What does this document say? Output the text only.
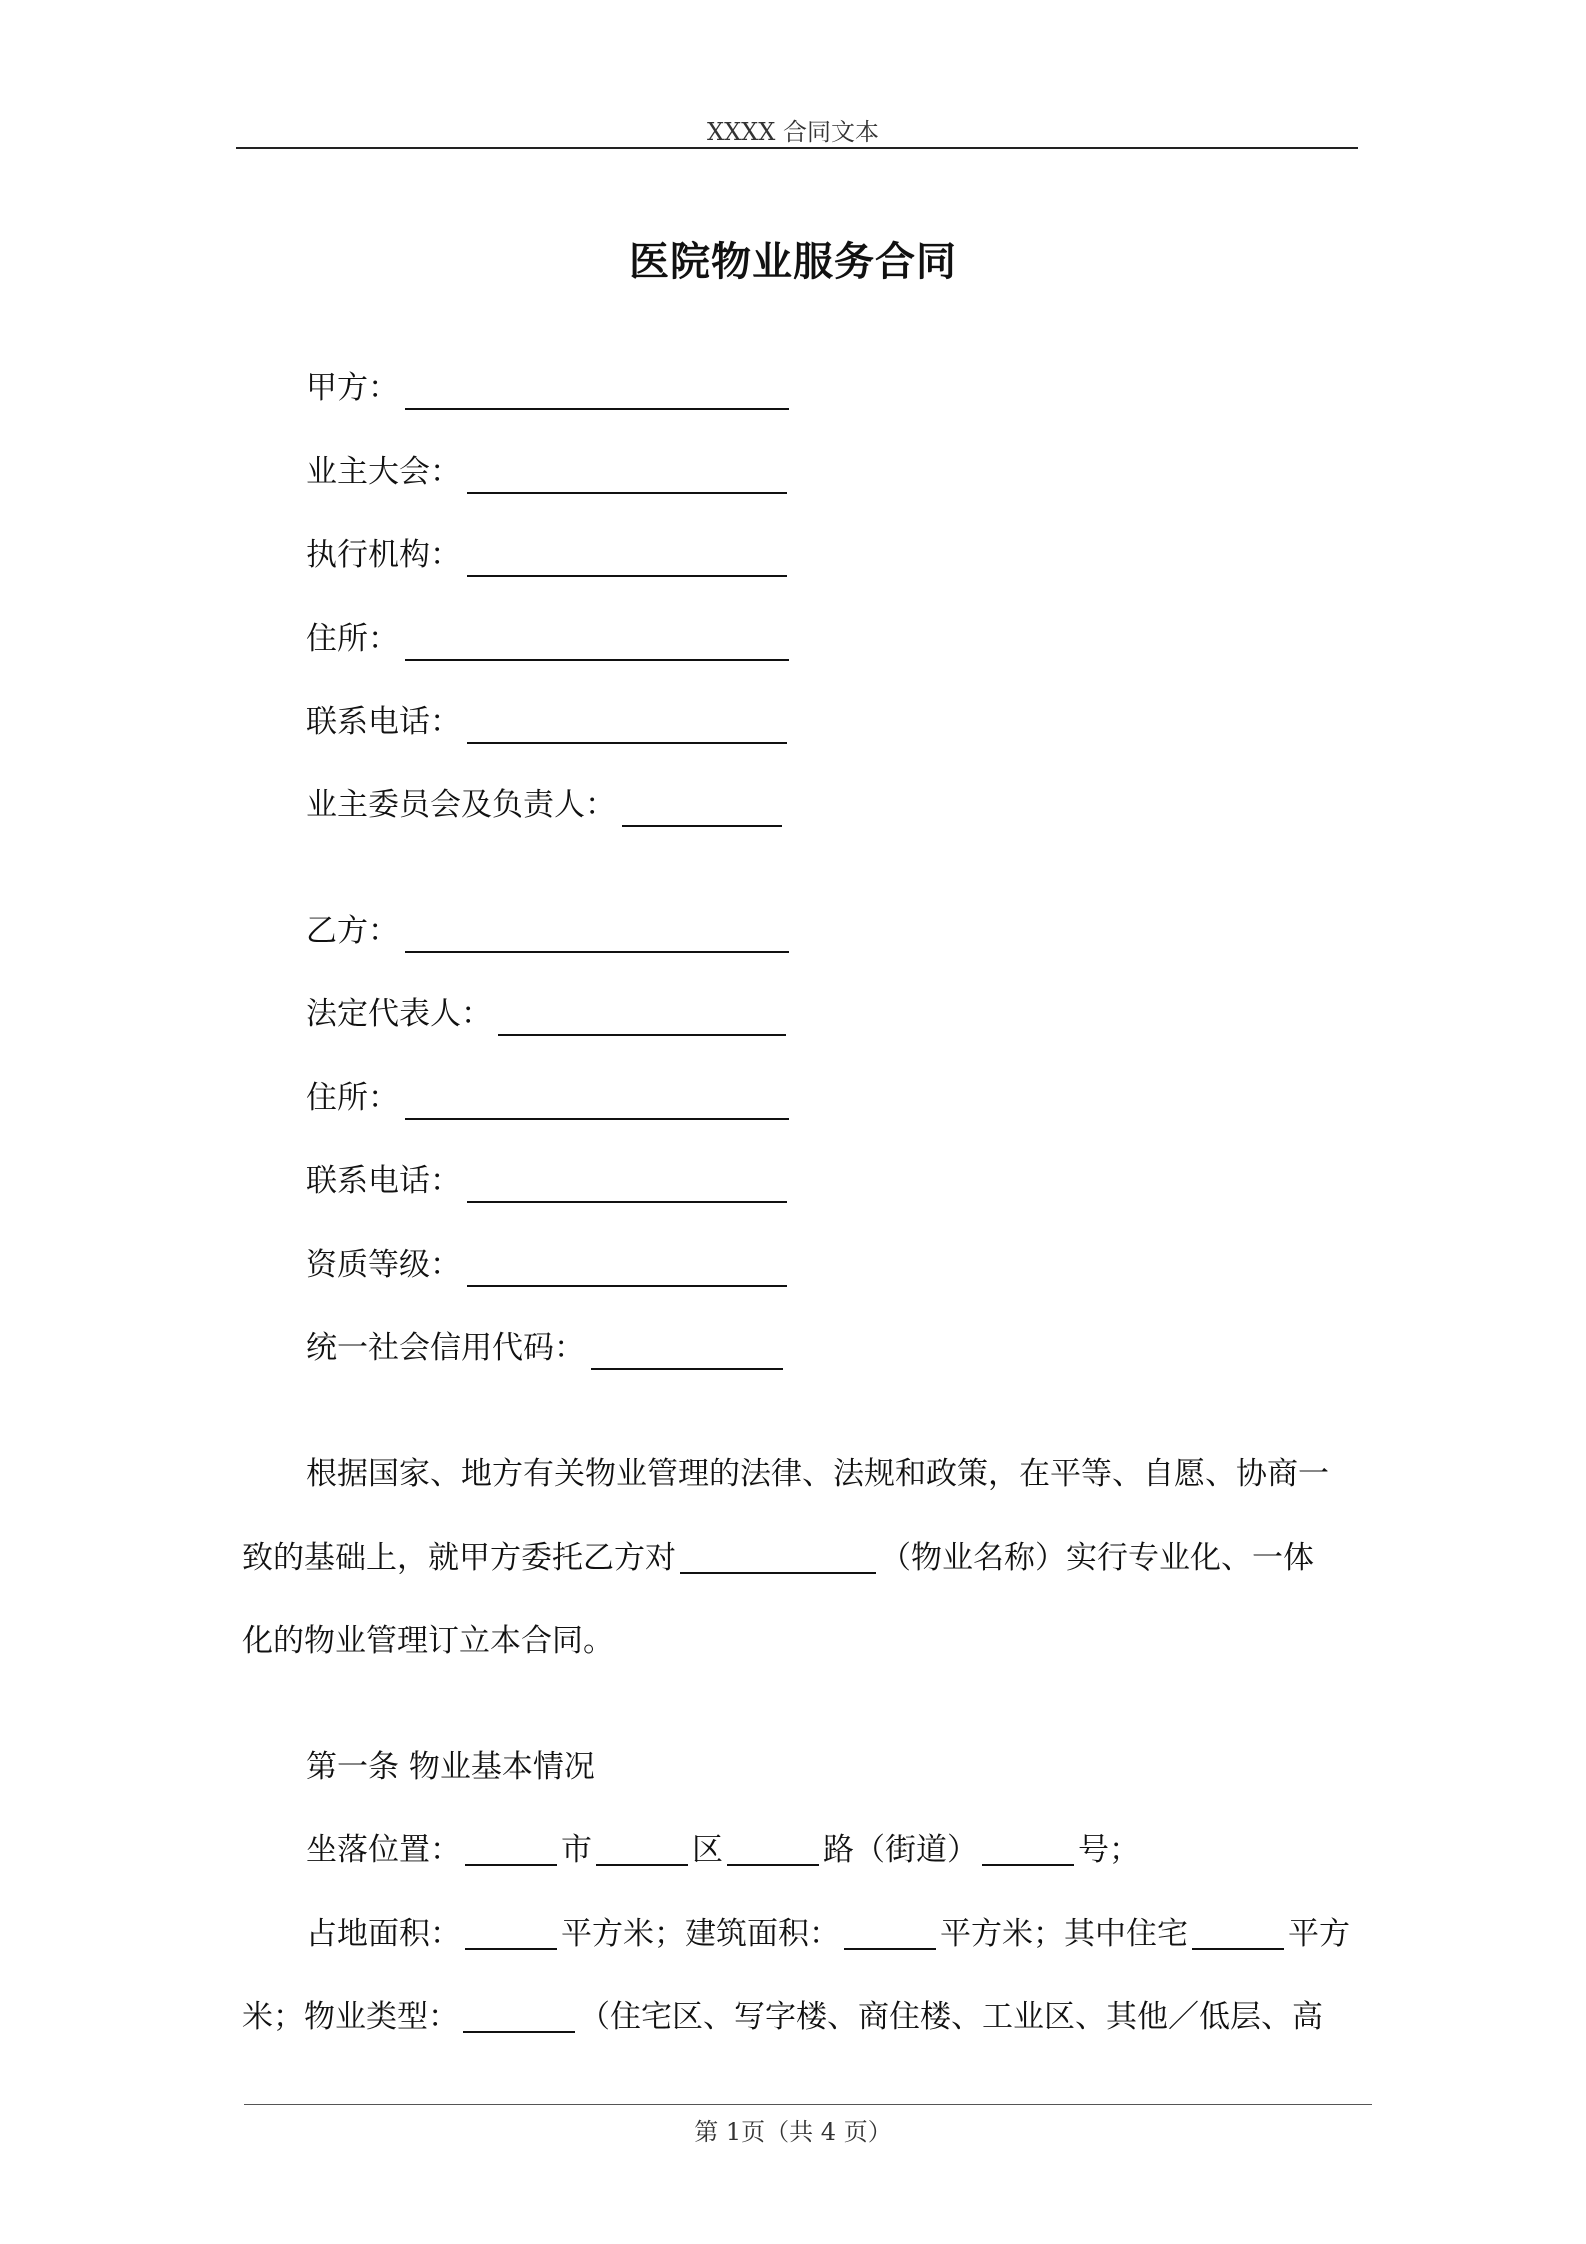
XXXX 合同文本
医院物业服务合同
甲方：
业主大会：
执行机构：
住所：
联系电话：
业主委员会及负责人：
乙方：
法定代表人：
住所：
联系电话：
资质等级：
统一社会信用代码：
根据国家、地方有关物业管理的法律、法规和政策，在平等、自愿、协商一
致的基础上，就甲方委托乙方对	（物业名称）实行专业化、一体
化的物业管理订立本合同。
第一条 物业基本情况
坐落位置：	市	区	路（街道）	号；
占地面积：	平方米；建筑面积：	平方米；其中住宅	平方
米；物业类型：	（住宅区、写字楼、商住楼、工业区、其他／低层、高
第 1页（共 4 页）
